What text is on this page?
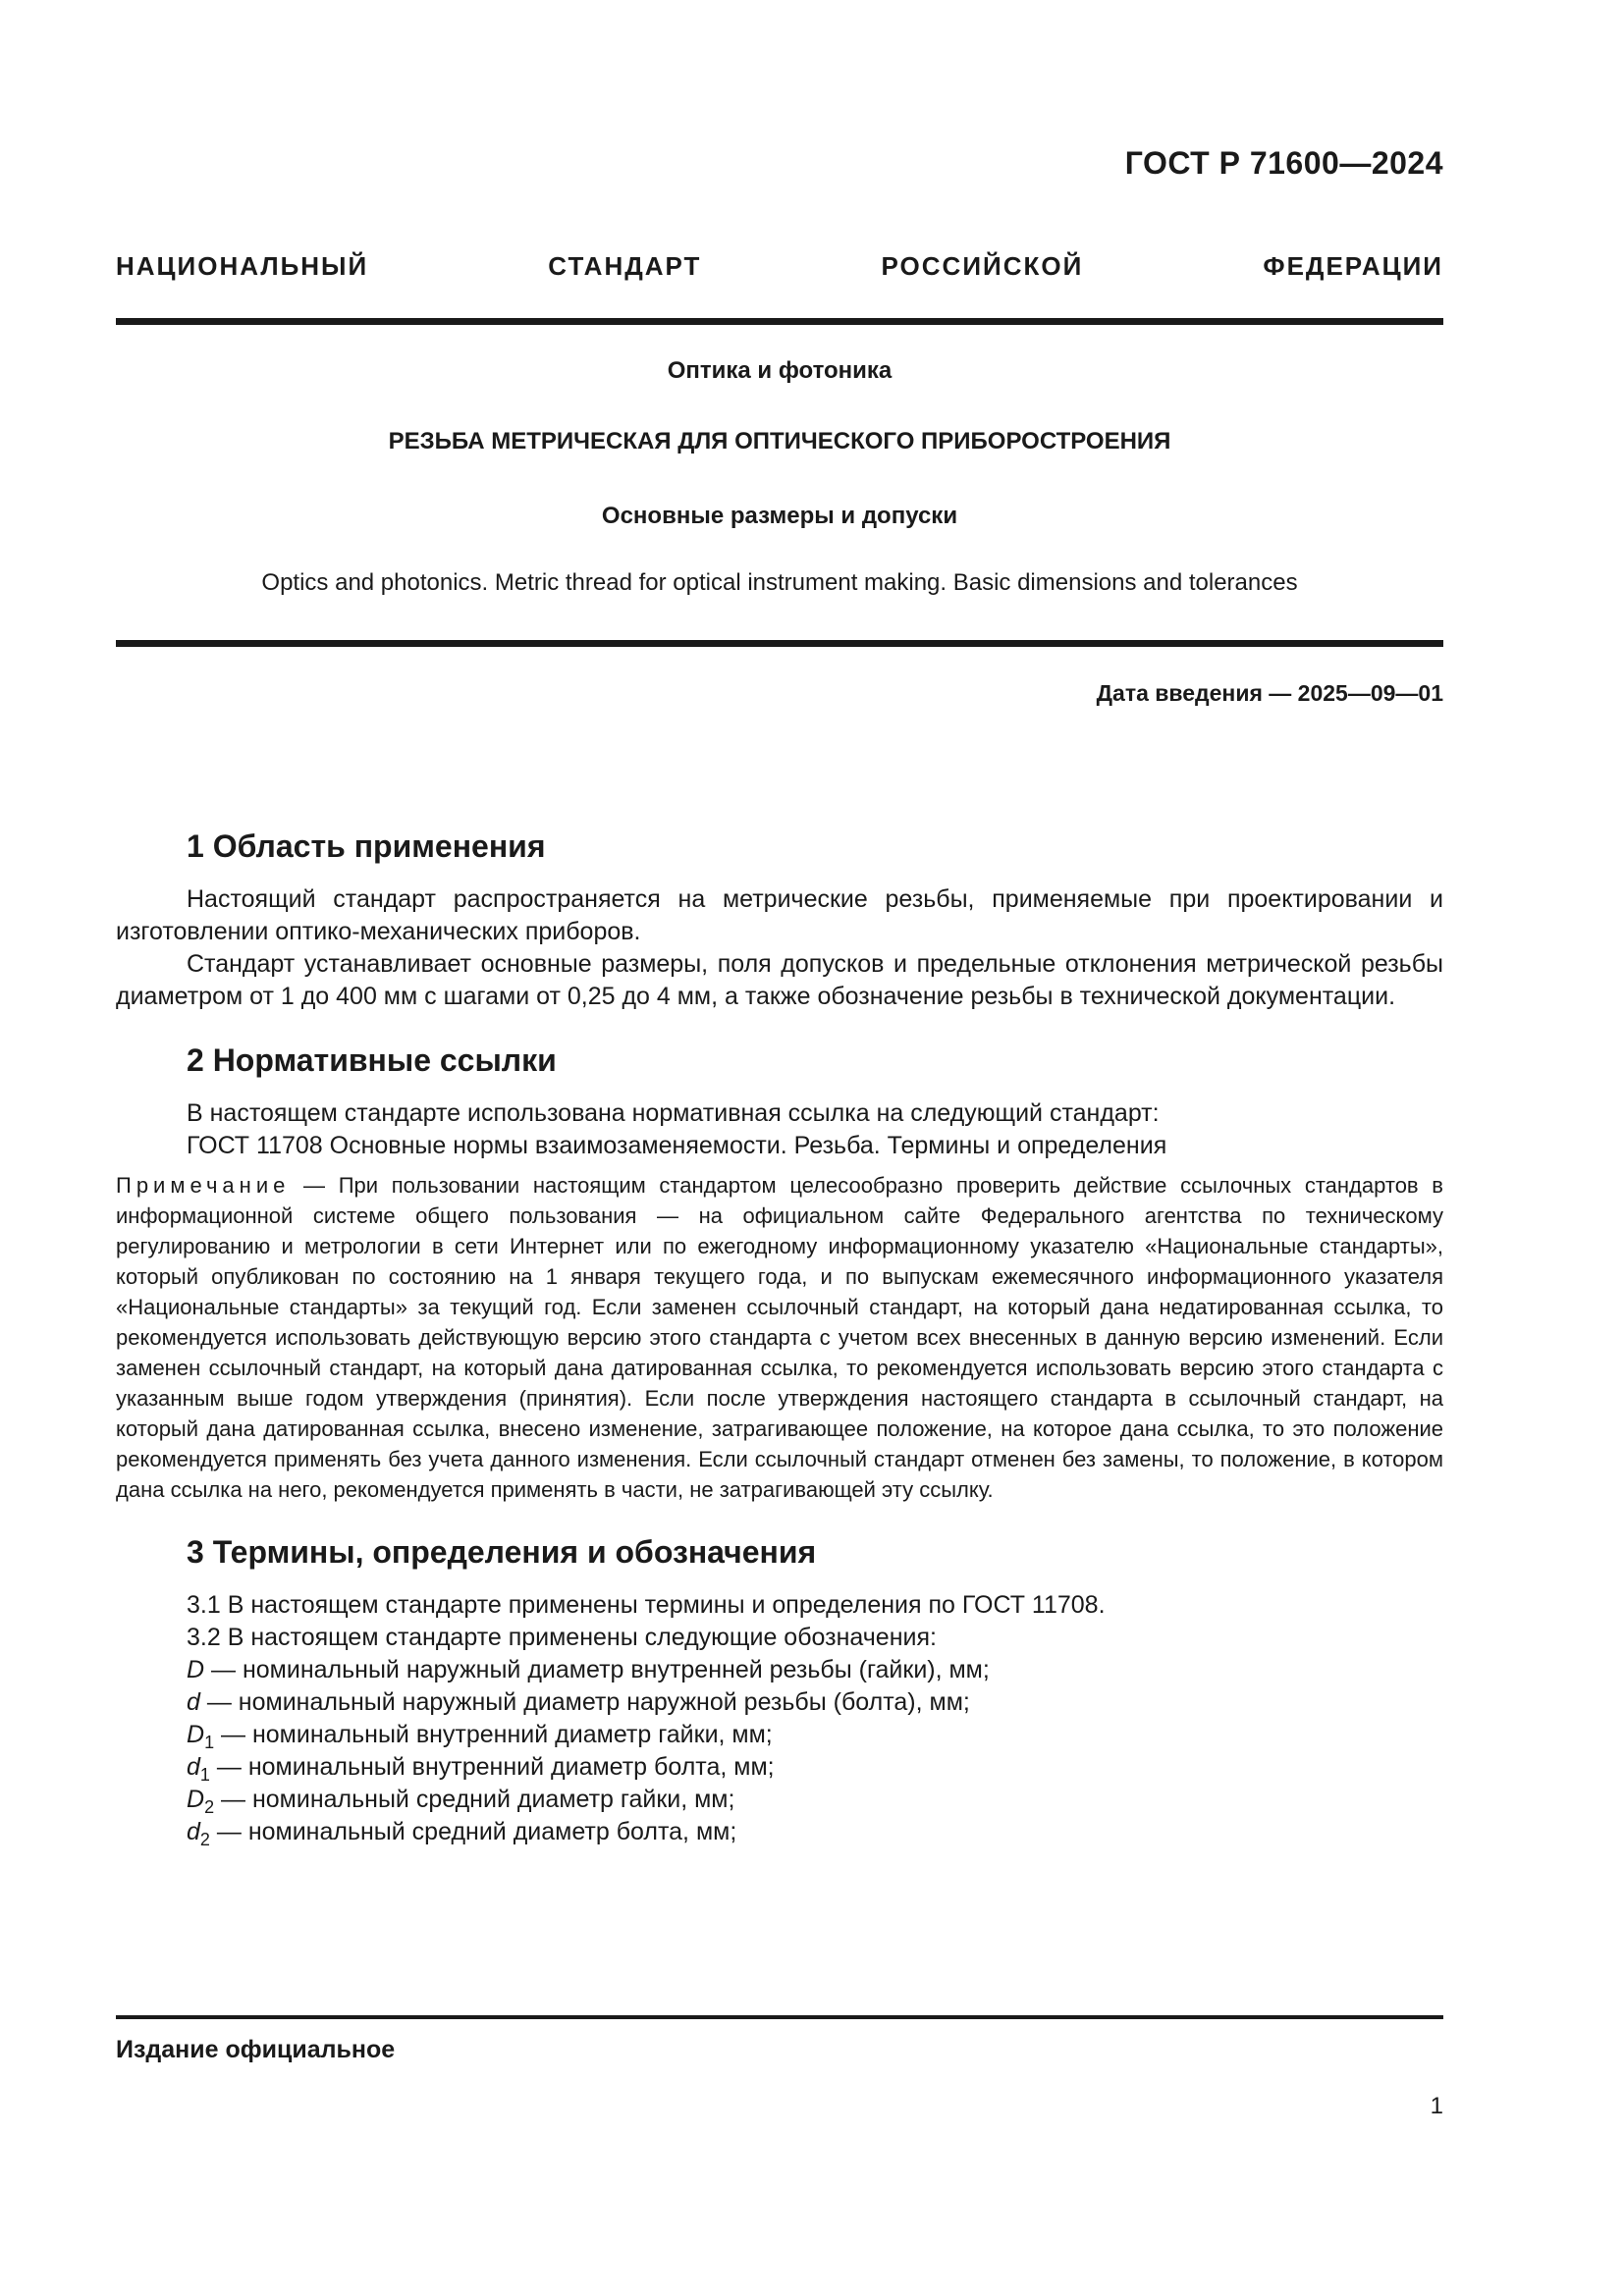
ГОСТ Р 71600—2024
НАЦИОНАЛЬНЫЙ СТАНДАРТ РОССИЙСКОЙ ФЕДЕРАЦИИ
Оптика и фотоника
РЕЗЬБА МЕТРИЧЕСКАЯ ДЛЯ ОПТИЧЕСКОГО ПРИБОРОСТРОЕНИЯ
Основные размеры и допуски
Optics and photonics. Metric thread for optical instrument making. Basic dimensions and tolerances
Дата введения — 2025—09—01
1 Область применения

Настоящий стандарт распространяется на метрические резьбы, применяемые при проектировании и изготовлении оптико-механических приборов.

Стандарт устанавливает основные размеры, поля допусков и предельные отклонения метрической резьбы диаметром от 1 до 400 мм с шагами от 0,25 до 4 мм, а также обозначение резьбы в технической документации.

2 Нормативные ссылки

В настоящем стандарте использована нормативная ссылка на следующий стандарт:

ГОСТ 11708 Основные нормы взаимозаменяемости. Резьба. Термины и определения

Примечание — При пользовании настоящим стандартом целесообразно проверить действие ссылочных стандартов в информационной системе общего пользования — на официальном сайте Федерального агентства по техническому регулированию и метрологии в сети Интернет или по ежегодному информационному указателю «Национальные стандарты», который опубликован по состоянию на 1 января текущего года, и по выпускам ежемесячного информационного указателя «Национальные стандарты» за текущий год. Если заменен ссылочный стандарт, на который дана недатированная ссылка, то рекомендуется использовать действующую версию этого стандарта с учетом всех внесенных в данную версию изменений. Если заменен ссылочный стандарт, на который дана датированная ссылка, то рекомендуется использовать версию этого стандарта с указанным выше годом утверждения (принятия). Если после утверждения настоящего стандарта в ссылочный стандарт, на который дана датированная ссылка, внесено изменение, затрагивающее положение, на которое дана ссылка, то это положение рекомендуется применять без учета данного изменения. Если ссылочный стандарт отменен без замены, то положение, в котором дана ссылка на него, рекомендуется применять в части, не затрагивающей эту ссылку.
3 Термины, определения и обозначения

3.1 В настоящем стандарте применены термины и определения по ГОСТ 11708.

3.2 В настоящем стандарте применены следующие обозначения:

D — номинальный наружный диаметр внутренней резьбы (гайки), мм;

d — номинальный наружный диаметр наружной резьбы (болта), мм;

$D_1$ — номинальный внутренний диаметр гайки, мм;

$d_1$ — номинальный внутренний диаметр болта, мм;

$D_2$ — номинальный средний диаметр гайки, мм;

$d_2$ — номинальный средний диаметр болта, мм;

Издание официальное
1
